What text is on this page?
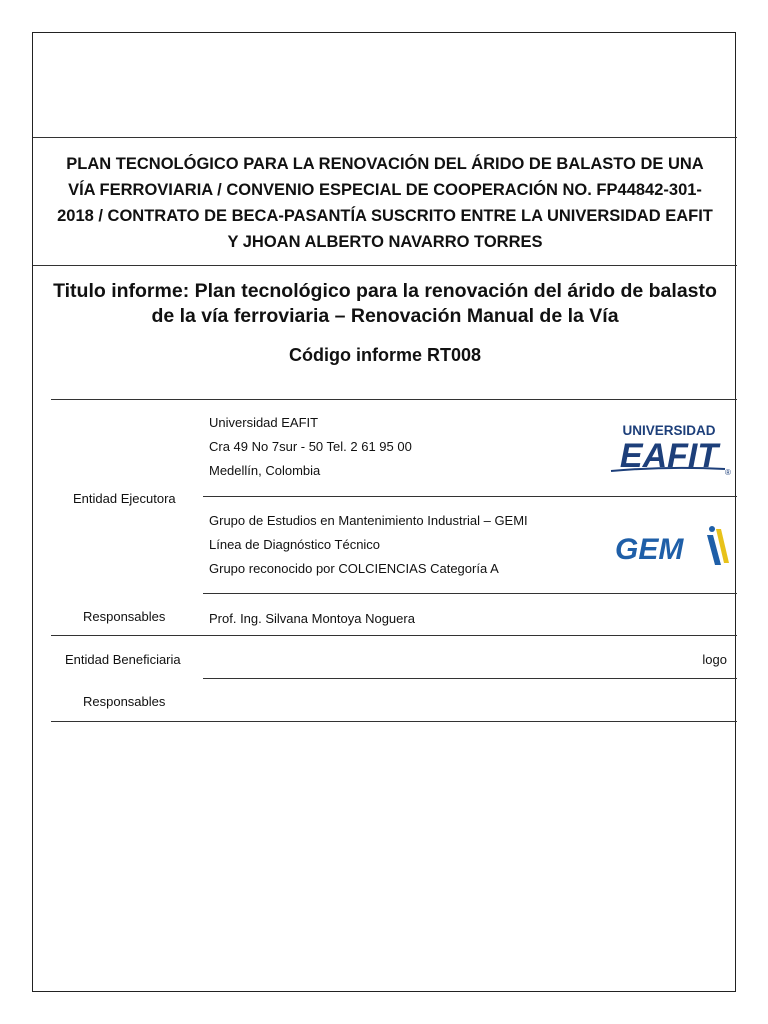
PLAN TECNOLÓGICO PARA LA RENOVACIÓN DEL ÁRIDO DE BALASTO DE UNA VÍA FERROVIARIA / CONVENIO ESPECIAL DE COOPERACIÓN NO. FP44842-301-2018 / CONTRATO DE BECA-PASANTÍA SUSCRITO ENTRE LA UNIVERSIDAD EAFIT Y JHOAN ALBERTO NAVARRO TORRES
Titulo informe: Plan tecnológico para la renovación del árido de balasto de la vía ferroviaria – Renovación Manual de la Vía
Código informe RT008
Universidad EAFIT
Cra 49 No 7sur - 50 Tel. 2 61 95 00
Medellín, Colombia
UNIVERSIDAD
EAFIT ®
Entidad Ejecutora
Grupo de Estudios en Mantenimiento Industrial – GEMI
Línea de Diagnóstico Técnico
Grupo reconocido por COLCIENCIAS Categoría A
GEM
Responsables	Prof. Ing. Silvana Montoya Noguera
Entidad Beneficiaria	logo
Responsables
